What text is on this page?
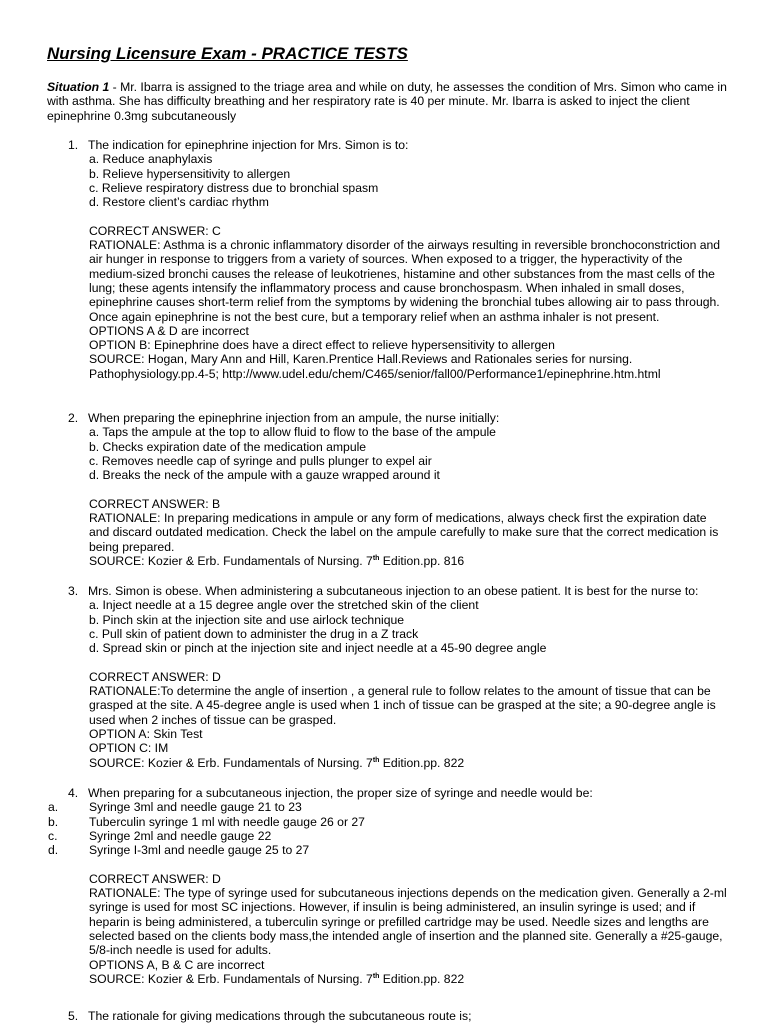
Nursing Licensure Exam - PRACTICE TESTS
Situation 1 - Mr. Ibarra is assigned to the triage area and while on duty, he assesses the condition of Mrs. Simon who came in with asthma. She has difficulty breathing and her respiratory rate is 40 per minute. Mr. Ibarra is asked to inject the client epinephrine 0.3mg subcutaneously
1. The indication for epinephrine injection for Mrs. Simon is to:
a. Reduce anaphylaxis
b. Relieve hypersensitivity to allergen
c. Relieve respiratory distress due to bronchial spasm
d. Restore client’s cardiac rhythm
CORRECT ANSWER: C
RATIONALE: Asthma is a chronic inflammatory disorder of the airways resulting in reversible bronchoconstriction and air hunger in response to triggers from a variety of sources. When exposed to a trigger, the hyperactivity of the medium-sized bronchi causes the release of leukotrienes, histamine and other substances from the mast cells of the lung; these agents intensify the inflammatory process and cause bronchospasm. When inhaled in small doses, epinephrine causes short-term relief from the symptoms by widening the bronchial tubes allowing air to pass through. Once again epinephrine is not the best cure, but a temporary relief when an asthma inhaler is not present.
OPTIONS A & D are incorrect
OPTION B: Epinephrine does have a direct effect to relieve hypersensitivity to allergen
SOURCE: Hogan, Mary Ann and Hill, Karen.Prentice Hall.Reviews and Rationales series for nursing.
Pathophysiology.pp.4-5; http://www.udel.edu/chem/C465/senior/fall00/Performance1/epinephrine.htm.html
2. When preparing the epinephrine injection from an ampule, the nurse initially:
a. Taps the ampule at the top to allow fluid to flow to the base of the ampule
b. Checks expiration date of the medication ampule
c. Removes needle cap of syringe and pulls plunger to expel air
d. Breaks the neck of the ampule with a gauze wrapped around it
CORRECT ANSWER: B
RATIONALE: In preparing medications in ampule or any form of medications, always check first the expiration date and discard outdated medication. Check the label on the ampule carefully to make sure that the correct medication is being prepared.
SOURCE: Kozier & Erb. Fundamentals of Nursing. 7th Edition.pp. 816
3. Mrs. Simon is obese. When administering a subcutaneous injection to an obese patient. It is best for the nurse to:
a. Inject needle at a 15 degree angle over the stretched skin of the client
b. Pinch skin at the injection site and use airlock technique
c. Pull skin of patient down to administer the drug in a Z track
d. Spread skin or pinch at the injection site and inject needle at a 45-90 degree angle
CORRECT ANSWER: D
RATIONALE:To determine the angle of insertion , a general rule to follow relates to the amount of tissue that can be grasped at the site. A 45-degree angle is used when 1 inch of tissue can be grasped at the site; a 90-degree angle is used when 2 inches of tissue can be grasped.
OPTION A: Skin Test
OPTION C: IM
SOURCE: Kozier & Erb. Fundamentals of Nursing. 7th Edition.pp. 822
4. When preparing for a subcutaneous injection, the proper size of syringe and needle would be:
a.	Syringe 3ml and needle gauge 21 to 23
b.	Tuberculin syringe 1 ml with needle gauge 26 or 27
c.	Syringe 2ml and needle gauge 22
d.	Syringe I-3ml and needle gauge 25 to 27
CORRECT ANSWER: D
RATIONALE: The type of syringe used for subcutaneous injections depends on the medication given. Generally a 2-ml syringe is used for most SC injections. However, if insulin is being administered, an insulin syringe is used; and if heparin is being administered, a tuberculin syringe or prefilled cartridge may be used. Needle sizes and lengths are selected based on the clients body mass,the intended angle of insertion and the planned site. Generally a #25-gauge, 5/8-inch needle is used for adults.
OPTIONS A, B & C are incorrect
SOURCE: Kozier & Erb. Fundamentals of Nursing. 7th Edition.pp. 822
5. The rationale for giving medications through the subcutaneous route is;
